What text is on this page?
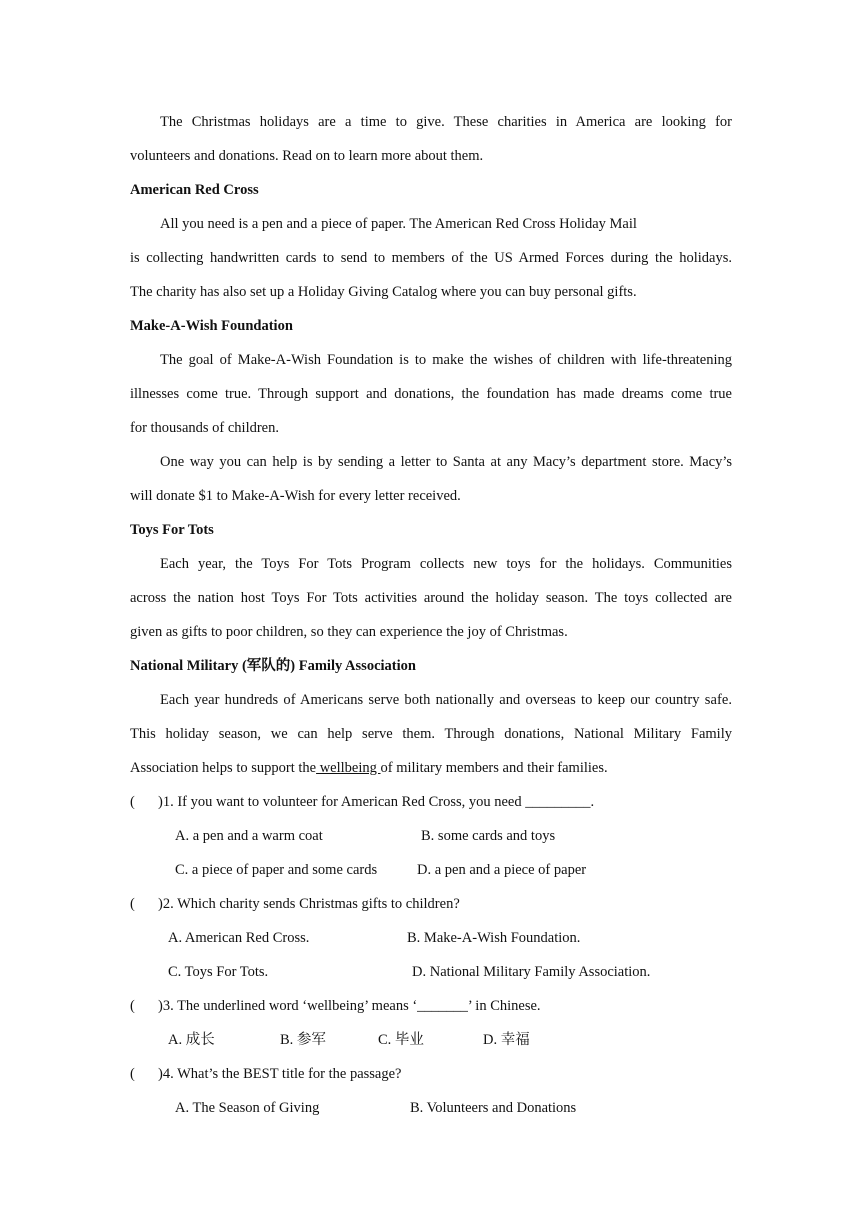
The Christmas holidays are a time to give. These charities in America are looking for
volunteers and donations. Read on to learn more about them.
American Red Cross
All you need is a pen and a piece of paper. The American Red Cross Holiday Mail
is collecting handwritten cards to send to members of the US Armed Forces during the holidays.
The charity has also set up a Holiday Giving Catalog where you can buy personal gifts.
Make-A-Wish Foundation
The goal of Make-A-Wish Foundation is to make the wishes of children with life-threatening
illnesses come true. Through support and donations, the foundation has made dreams come true
for thousands of children.
One way you can help is by sending a letter to Santa at any Macy’s department store. Macy’s
will donate $1 to Make-A-Wish for every letter received.
Toys For Tots
Each year, the Toys For Tots Program collects new toys for the holidays. Communities
across the nation host Toys For Tots activities around the holiday season. The toys collected are
given as gifts to poor children, so they can experience the joy of Christmas.
National Military (军队的) Family Association
Each year hundreds of Americans serve both nationally and overseas to keep our country safe.
This holiday season, we can help serve them. Through donations, National Military Family
Association helps to support the wellbeing of military members and their families.
( )1. If you want to volunteer for American Red Cross, you need _________.
A. a pen and a warm coat	B. some cards and toys
C. a piece of paper and some cards	D. a pen and a piece of paper
( )2. Which charity sends Christmas gifts to children?
A. American Red Cross.	B. Make-A-Wish Foundation.
C. Toys For Tots.	D. National Military Family Association.
( )3. The underlined word ‘wellbeing’ means ‘_______’ in Chinese.
A. 成长	B. 参军	C. 毕业	D. 幸福
( )4. What’s the BEST title for the passage?
A. The Season of Giving	B. Volunteers and Donations
